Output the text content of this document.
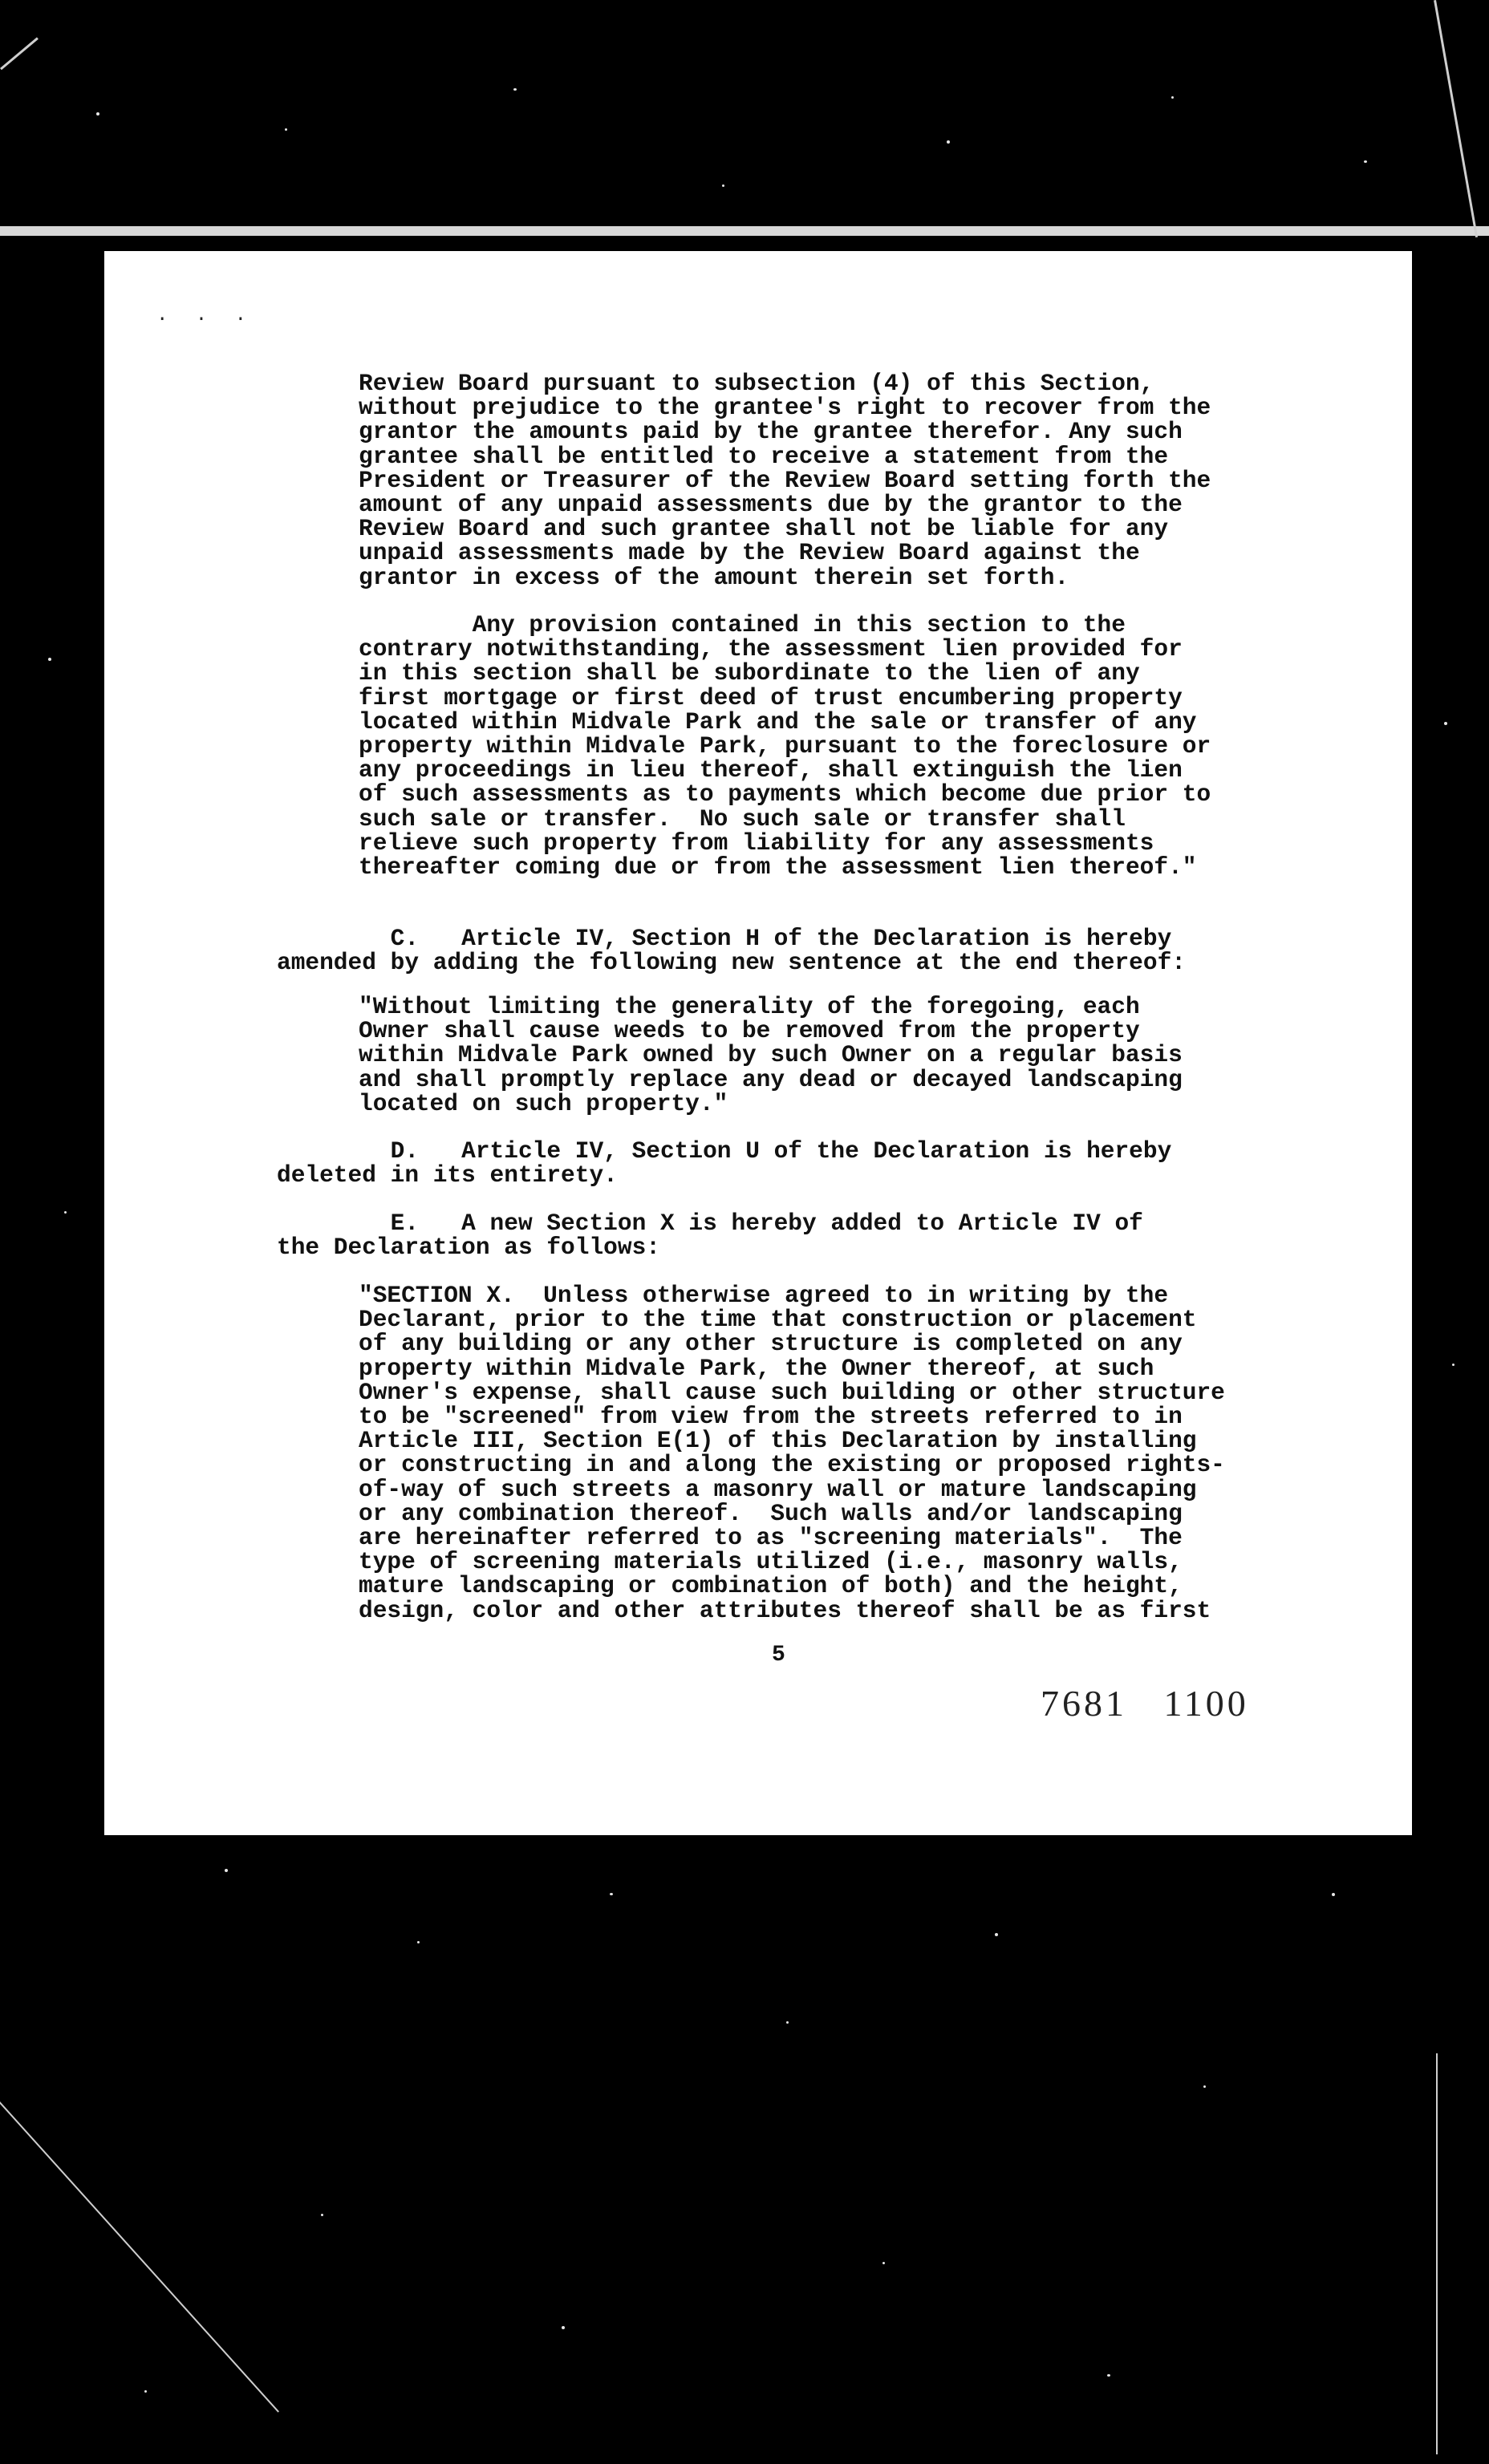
. . .

Review Board pursuant to subsection (4) of this Section,
without prejudice to the grantee's right to recover from the
grantor the amounts paid by the grantee therefor. Any such
grantee shall be entitled to receive a statement from the
President or Treasurer of the Review Board setting forth the
amount of any unpaid assessments due by the grantor to the
Review Board and such grantee shall not be liable for any
unpaid assessments made by the Review Board against the
grantor in excess of the amount therein set forth.

Any provision contained in this section to the
contrary notwithstanding, the assessment lien provided for
in this section shall be subordinate to the lien of any
first mortgage or first deed of trust encumbering property
located within Midvale Park and the sale or transfer of any
property within Midvale Park, pursuant to the foreclosure or
any proceedings in lieu thereof, shall extinguish the lien
of such assessments as to payments which become due prior to
such sale or transfer.  No such sale or transfer shall
relieve such property from liability for any assessments
thereafter coming due or from the assessment lien thereof."

C.   Article IV, Section H of the Declaration is hereby
amended by adding the following new sentence at the end thereof:

"Without limiting the generality of the foregoing, each
Owner shall cause weeds to be removed from the property
within Midvale Park owned by such Owner on a regular basis
and shall promptly replace any dead or decayed landscaping
located on such property."

D.   Article IV, Section U of the Declaration is hereby
deleted in its entirety.

E.   A new Section X is hereby added to Article IV of
the Declaration as follows:

"SECTION X.  Unless otherwise agreed to in writing by the
Declarant, prior to the time that construction or placement
of any building or any other structure is completed on any
property within Midvale Park, the Owner thereof, at such
Owner's expense, shall cause such building or other structure
to be "screened" from view from the streets referred to in
Article III, Section E(1) of this Declaration by installing
or constructing in and along the existing or proposed rights-
of-way of such streets a masonry wall or mature landscaping
or any combination thereof.  Such walls and/or landscaping
are hereinafter referred to as "screening materials".  The
type of screening materials utilized (i.e., masonry walls,
mature landscaping or combination of both) and the height,
design, color and other attributes thereof shall be as first

5
7681 1100
